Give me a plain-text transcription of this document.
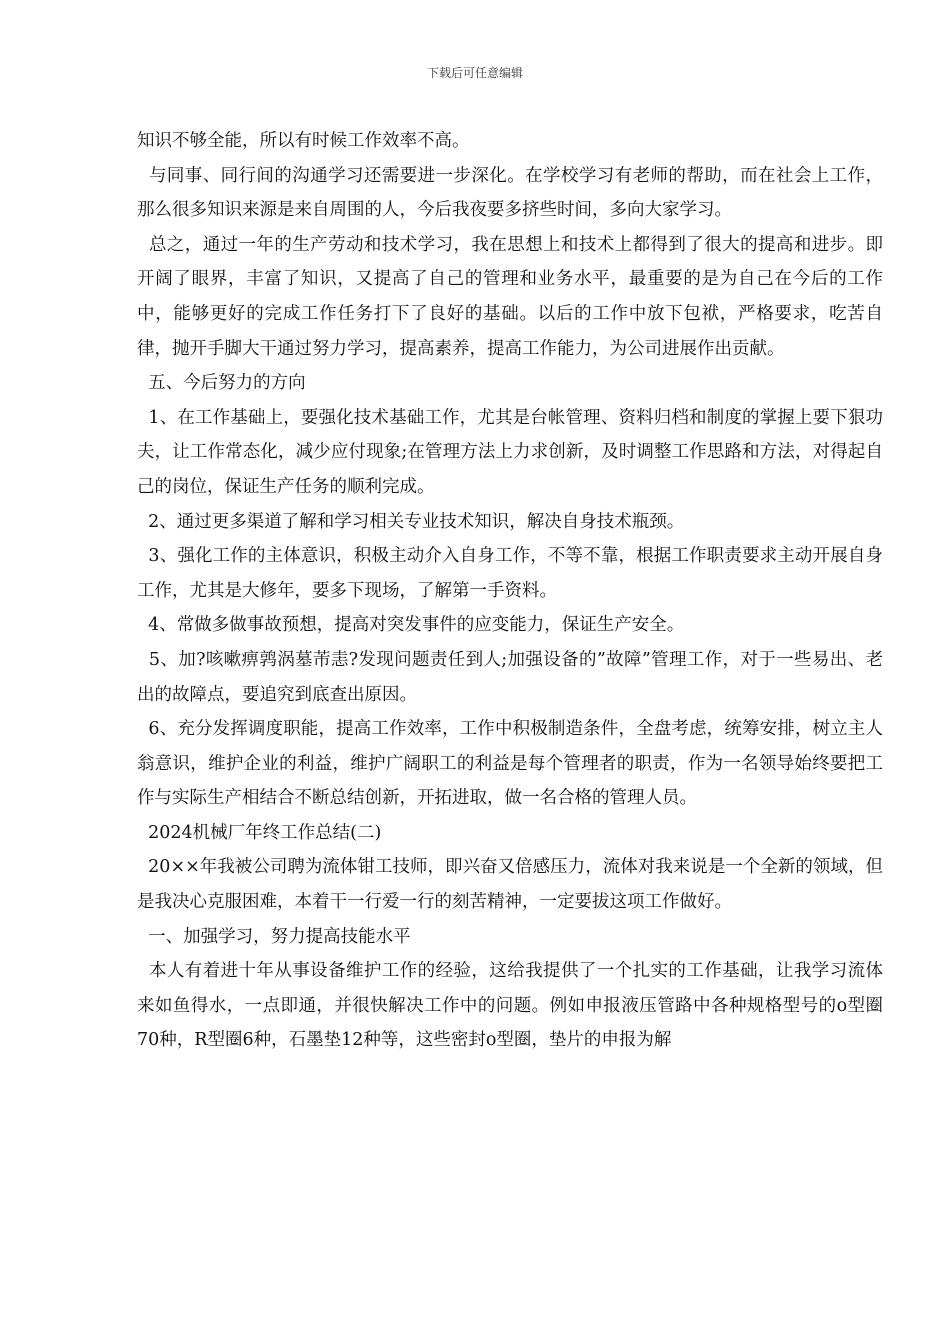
下载后可任意编辑

知识不够全能，所以有时候工作效率不高。

与同事、同行间的沟通学习还需要进一步深化。在学校学习有老师的帮助，而在社会上工作，那么很多知识来源是来自周围的人，今后我夜要多挤些时间，多向大家学习。

总之，通过一年的生产劳动和技术学习，我在思想上和技术上都得到了很大的提高和进步。即开阔了眼界，丰富了知识，又提高了自己的管理和业务水平，最重要的是为自己在今后的工作中，能够更好的完成工作任务打下了良好的基础。以后的工作中放下包袱，严格要求，吃苦自律，抛开手脚大干通过努力学习，提高素养，提高工作能力，为公司进展作出贡献。

五、今后努力的方向

1、在工作基础上，要强化技术基础工作，尤其是台帐管理、资料归档和制度的掌握上要下狠功夫，让工作常态化，减少应付现象;在管理方法上力求创新，及时调整工作思路和方法，对得起自己的岗位，保证生产任务的顺利完成。

2、通过更多渠道了解和学习相关专业技术知识，解决自身技术瓶颈。

3、强化工作的主体意识，积极主动介入自身工作，不等不靠，根据工作职责要求主动开展自身工作，尤其是大修年，要多下现场，了解第一手资料。

4、常做多做事故预想，提高对突发事件的应变能力，保证生产安全。

5、加?咳嗽痹鹑涡墓芾恚?发现问题责任到人;加强设备的”故障”管理工作，对于一些易出、老出的故障点，要追究到底查出原因。

6、充分发挥调度职能，提高工作效率，工作中积极制造条件，全盘考虑，统筹安排，树立主人翁意识，维护企业的利益，维护广阔职工的利益是每个管理者的职责，作为一名领导始终要把工作与实际生产相结合不断总结创新，开拓进取，做一名合格的管理人员。

2024机械厂年终工作总结(二)

20××年我被公司聘为流体钳工技师，即兴奋又倍感压力，流体对我来说是一个全新的领域，但是我决心克服困难，本着干一行爱一行的刻苦精神，一定要拔这项工作做好。

一、加强学习，努力提高技能水平

本人有着进十年从事设备维护工作的经验，这给我提供了一个扎实的工作基础，让我学习流体来如鱼得水，一点即通，并很快解决工作中的问题。例如申报液压管路中各种规格型号的o型圈70种，R型圈6种，石墨垫12种等，这些密封o型圈，垫片的申报为解
